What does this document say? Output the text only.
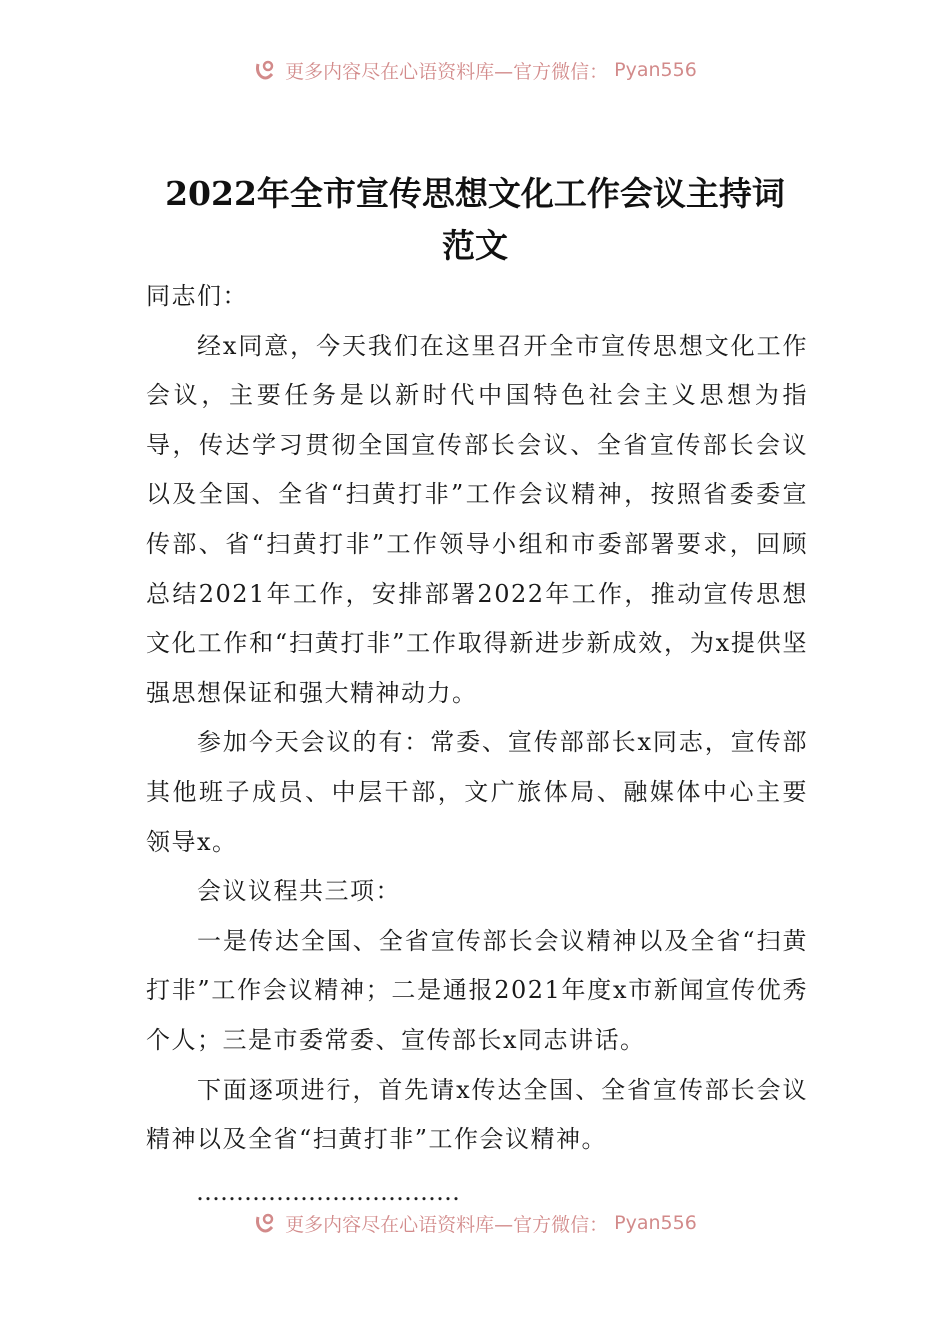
更多内容尽在心语资料库—官方微信： Pyan556
2022年全市宣传思想文化工作会议主持词
范文

同志们：

经x同意，今天我们在这里召开全市宣传思想文化工作会议，主要任务是以新时代中国特色社会主义思想为指导，传达学习贯彻全国宣传部长会议、全省宣传部长会议以及全国、全省“扫黄打非”工作会议精神，按照省委委宣传部、省“扫黄打非”工作领导小组和市委部署要求，回顾总结2021年工作，安排部署2022年工作，推动宣传思想文化工作和“扫黄打非”工作取得新进步新成效，为x提供坚强思想保证和强大精神动力。

参加今天会议的有：常委、宣传部部长x同志，宣传部其他班子成员、中层干部，文广旅体局、融媒体中心主要领导x。

会议议程共三项：

一是传达全国、全省宣传部长会议精神以及全省“扫黄打非”工作会议精神；二是通报2021年度x市新闻宣传优秀个人；三是市委常委、宣传部长x同志讲话。

下面逐项进行，首先请x传达全国、全省宣传部长会议精神以及全省“扫黄打非”工作会议精神。

……………………………
更多内容尽在心语资料库—官方微信： Pyan556
